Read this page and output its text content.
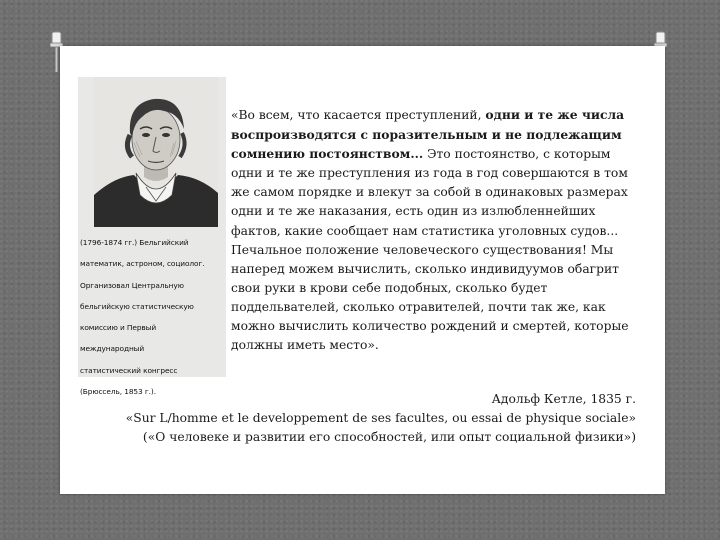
(1796-1874 гг.) Бельгийский
математик, астроном, социолог.
Организовал Центральную
бельгийскую статистическую
комиссию и Первый
международный
статистический конгресс
(Брюссель, 1853 г.).
«Во всем, что касается преступлений, одни и те же числа
воспроизводятся с поразительным и не подлежащим
сомнению постоянством... Это постоянство, с которым
одни и те же преступления из года в год совершаются в том
же самом порядке и влекут за собой в одинаковых размерах
одни и те же наказания, есть один из излюбленнейших
фактов, какие сообщает нам статистика уголовных судов...
Печальное положение человеческого существования! Мы
наперед можем вычислить, сколько индивидуумов обагрит
свои руки в крови себе подобных, сколько будет
поддельвателей, сколько отравителей, почти так же, как
можно вычислить количество рождений и смертей, которые
должны иметь место».
Адольф Кетле, 1835 г.
«Sur L/homme et le developpement de ses facultes, ou essai de physique sociale»
(«О человеке и развитии его способностей, или опыт социальной физики»)
